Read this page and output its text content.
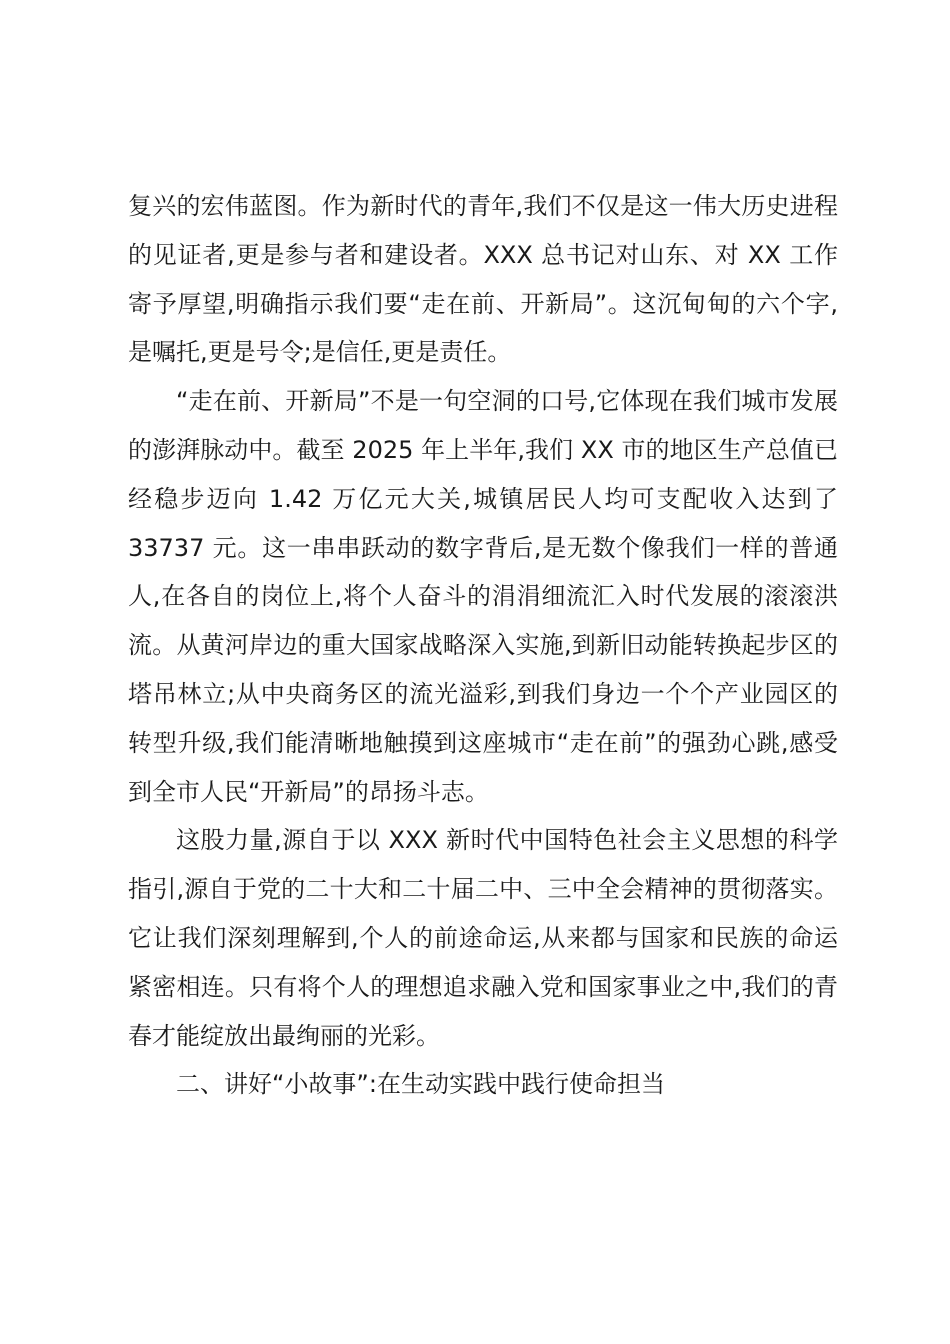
复兴的宏伟蓝图。作为新时代的青年,我们不仅是这一伟大历史进程的见证者,更是参与者和建设者。XXX 总书记对山东、对 XX 工作寄予厚望,明确指示我们要“走在前、开新局”。这沉甸甸的六个字,是嘱托,更是号令;是信任,更是责任。

“走在前、开新局”不是一句空洞的口号,它体现在我们城市发展的澎湃脉动中。截至 2025 年上半年,我们 XX 市的地区生产总值已经稳步迈向 1.42 万亿元大关,城镇居民人均可支配收入达到了 33737 元。这一串串跃动的数字背后,是无数个像我们一样的普通人,在各自的岗位上,将个人奋斗的涓涓细流汇入时代发展的滚滚洪流。从黄河岸边的重大国家战略深入实施,到新旧动能转换起步区的塔吊林立;从中央商务区的流光溢彩,到我们身边一个个产业园区的转型升级,我们能清晰地触摸到这座城市“走在前”的强劲心跳,感受到全市人民“开新局”的昂扬斗志。

这股力量,源自于以 XXX 新时代中国特色社会主义思想的科学指引,源自于党的二十大和二十届二中、三中全会精神的贯彻落实。它让我们深刻理解到,个人的前途命运,从来都与国家和民族的命运紧密相连。只有将个人的理想追求融入党和国家事业之中,我们的青春才能绽放出最绚丽的光彩。

二、讲好“小故事”:在生动实践中践行使命担当
